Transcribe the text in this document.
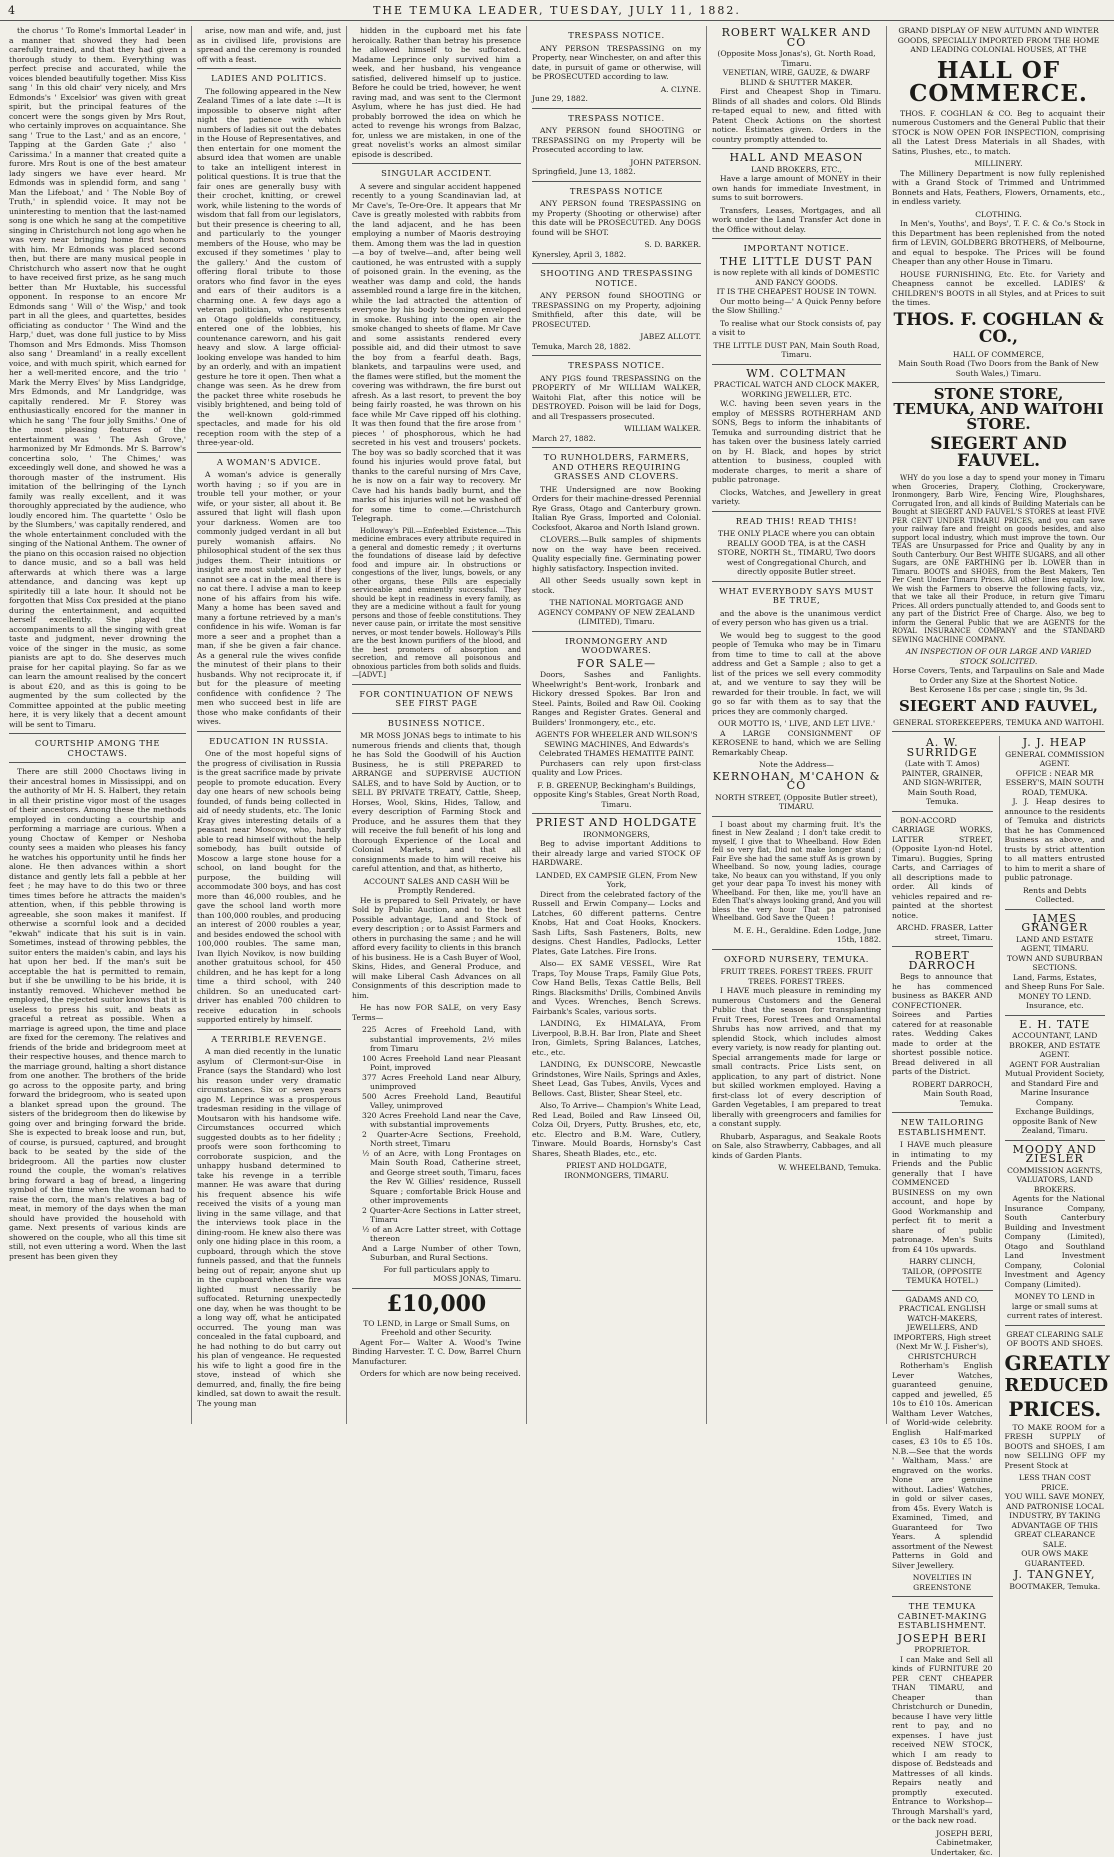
4	THE TEMUKA LEADER, TUESDAY, JULY 11, 1882.

the chorus ' To Rome's Immortal Leader' in a manner that showed they had been carefully trained, and that they had given a thorough study to them. Everything was perfect precise and accurated, while the voices blended beautifully together. Miss Kiss sang ' In this old chair' very nicely, and Mrs Edmonds's ' Excelsior' was given with great spirit, but the principal features of the concert were the songs given by Mrs Rout, who certainly improves on acquaintance. She sang ' True to the Last,' and as an encore, ' Tapping at the Garden Gate ;' also ' Carissima.' In a manner that created quite a furore. Mrs Rout is one of the best amateur lady singers we have ever heard. Mr Edmonds was in splendid form, and sang ' Man the Lifeboat,' and ' The Noble Boy of Truth,' in splendid voice. It may not be uninteresting to mention that the last-named song is one which he sang at the competitive singing in Christchurch not long ago when he was very near bringing home first honors with him. Mr Edmonds was placed second then, but there are many musical people in Christchurch who assert now that he ought to have received first prize, as he sang much better than Mr Huxtable, his successful opponent. In response to an encore Mr Edmonds sang ' Will o' the Wisp,' and took part in all the glees, and quartettes, besides officiating as conductor ' The Wind and the Harp,' duet, was done full justice to by Miss Thomson and Mrs Edmonds. Miss Thomson also sang ' Dreamland' in a really excellent voice, and with much spirit, which earned for her a well-merited encore, and the trio ' Mark the Merry Elves' by Miss Landgridge, Mrs Edmonds, and Mr Landgridge, was capitally rendered. Mr F. Storey was enthusiastically encored for the manner in which he sang ' The four jolly Smiths.' One of the most pleasing features of the entertainment was ' The Ash Grove,' harmonized by Mr Edmonds. Mr S. Barrow's concertina solo, ' The Chimes,' was exceedingly well done, and showed he was a thorough master of the instrument. His imitation of the bellringing of the Lynch family was really excellent, and it was thoroughly appreciated by the audience, who loudly encored him. The quartette ' Oslo be by the Slumbers,' was capitally rendered, and the whole entertainment concluded with the singing of the National Anthem. The owner of the piano on this occasion raised no objection to dance music, and so a ball was held afterwards at which there was a large attendance, and dancing was kept up spiritedly till a late hour. It should not be forgotten that Miss Cox presided at the piano during the entertainment, and acquitted herself excellently. She played the accompaniments to all the singing with great taste and judgment, never drowning the voice of the singer in the music, as some pianists are apt to do. She deserves much praise for her capital playing. So far as we can learn the amount realised by the concert is about £20, and as this is going to be augmented by the sum collected by the Committee appointed at the public meeting here, it is very likely that a decent amount will be sent to Timaru.

COURTSHIP AMONG THE CHOCTAWS.

There are still 2000 Choctaws living in their ancestral homes in Mississippi, and on the authority of Mr H. S. Halbert, they retain in all their pristine vigor most of the usages of their ancestors. Among these the methods employed in conducting a courtship and performing a marriage are curious. When a young Choctaw of Kemper or Neshoba county sees a maiden who pleases his fancy he watches his opportunity until he finds her alone. He then advances within a short distance and gently lets fall a pebble at her feet ; he may have to do this two or three times times before he attracts the maiden's attention, when, if this pebble throwing is agreeable, she soon makes it manifest. If otherwise a scornful look and a decided "ekwah" indicate that his suit is in vain. Sometimes, instead of throwing pebbles, the suitor enters the maiden's cabin, and lays his hat upon her bed. If the man's suit be acceptable the hat is permitted to remain, but if she be unwilling to be his bride, it is instantly removed. Whichever method be employed, the rejected suitor knows that it is useless to press his suit, and beats as graceful a retreat as possible. When a marriage is agreed upon, the time and place are fixed for the ceremony. The relatives and friends of the bride and bridegroom meet at their respective houses, and thence march to the marriage ground, halting a short distance from one another. The brothers of the bride go across to the opposite party, and bring forward the bridegroom, who is seated upon a blanket spread upon the ground. The sisters of the bridegroom then do likewise by going over and bringing forward the bride. She is expected to break loose and run, but, of course, is pursued, captured, and brought back to be seated by the side of the bridegroom. All the parties now cluster round the couple, the woman's relatives bring forward a bag of bread, a lingering symbol of the time when the woman had to raise the corn, the man's relatives a bag of meat, in memory of the days when the man should have provided the household with game. Next presents of various kinds are showered on the couple, who all this time sit still, not even uttering a word. When the last present has been given they

arise, now man and wife, and, just as in civilised life, provisions are spread and the ceremony is rounded off with a feast.

LADIES AND POLITICS.

The following appeared in the New Zealand Times of a late date :—It is impossible to observe night after night the patience with which numbers of ladies sit out the debates in the House of Representatives, and then entertain for one moment the absurd idea that women are unable to take an intelligent interest in political questions. It is true that the fair ones are generally busy with their crochet, knitting, or crewel work, while listening to the words of wisdom that fall from our legislators, but their presence is cheering to all, and particularly to the younger members of the House, who may be excused if they sometimes ' play to the gallery.' And the custom of offering floral tribute to those orators who find favor in the eyes and ears of their auditors is a charming one. A few days ago a veteran politician, who represents an Otago goldfields constituency, entered one of the lobbies, his countenance careworn, and his gait heavy and slow. A large official-looking envelope was handed to him by an orderly, and with an impatient gesture he tore it open. Then what a change was seen. As he drew from the packet three white rosebuds he visibly brightened, and being told of the well-known gold-rimmed spectacles, and made for his old reception room with the step of a three-year-old.

A WOMAN'S ADVICE.

A woman's advice is generally worth having ; so if you are in trouble tell your mother, or your wife, or your sister, all about it. Be assured that light will flash upon your darkness. Women are too commonly judged verdant in all but purely womanish affairs. No philosophical student of the sex thus judges them. Their intuitions or insight are most subtle, and if they cannot see a cat in the meal there is no cat there. I advise a man to keep none of his affairs from his wife. Many a home has been saved and many a fortune retrieved by a man's confidence in his wife. Woman is far more a seer and a prophet than a man, if she be given a fair chance. As a general rule the wives confide the minutest of their plans to their husbands. Why not reciprocate it, if but for the pleasure of meeting confidence with confidence ? The men who succeed best in life are those who make confidants of their wives.

EDUCATION IN RUSSIA.

One of the most hopeful signs of the progress of civilisation in Russia is the great sacrifice made by private people to promote education. Every day one hears of new schools being founded, of funds being collected in aid of needy students, etc. The Ionic Kray gives interesting details of a peasant near Moscow, who, hardly able to read himself without the help somebody, has built outside of Moscow a large stone house for a school, on land bought for the purpose, the building will accommodate 300 boys, and has cost more than 46,000 roubles, and he gave the school land worth more than 100,000 roubles, and producing an interest of 2000 roubles a year, and besides endowed the school with 100,000 roubles. The same man, Ivan Ilyich Novikov, is now building another gratuitous school, for 450 children, and he has kept for a long time a third school, with 240 children. So an uneducated cart-driver has enabled 700 children to receive education in schools supported entirely by himself.

A TERRIBLE REVENGE.

A man died recently in the lunatic asylum of Clermont-sur-Oise in France (says the Standard) who lost his reason under very dramatic circumstances. Six or seven years ago M. Leprince was a prosperous tradesman residing in the village of Moutsaron with his handsome wife. Circumstances occurred which suggested doubts as to her fidelity ; proofs were soon forthcoming to corroborate suspicion, and the unhappy husband determined to take his revenge in a terrible manner. He was aware that during his frequent absence his wife received the visits of a young man living in the same village, and that the interviews took place in the dining-room. He knew also there was only one hiding place in this room, a cupboard, through which the stove funnels passed, and that the funnels being out of repair, anyone shut up in the cupboard when the fire was lighted must necessarily be suffocated. Returning unexpectedly one day, when he was thought to be a long way off, what he anticipated occurred. The young man was concealed in the fatal cupboard, and he had nothing to do but carry out his plan of vengeance. He requested his wife to light a good fire in the stove, instead of which she demurred, and, finally, the fire being kindled, sat down to await the result. The young man

hidden in the cupboard met his fate heroically. Rather than betray his presence he allowed himself to be suffocated. Madame Leprince only survived him a week, and her husband, his vengeance satisfied, delivered himself up to justice. Before he could be tried, however, he went raving mad, and was sent to the Clermont Asylum, where he has just died. He had probably borrowed the idea on which he acted to revenge his wrongs from Balzac, for, unless we are mistaken, in one of the great novelist's works an almost similar episode is described.

SINGULAR ACCIDENT.

A severe and singular accident happened recently to a young Scandinavian lad, at Mr Cave's, Te-Ore-Ore. It appears that Mr Cave is greatly molested with rabbits from the land adjacent, and he has been employing a number of Maoris destroying them. Among them was the lad in question—a boy of twelve—and, after being well cautioned, he was entrusted with a supply of poisoned grain. In the evening, as the weather was damp and cold, the hands assembled round a large fire in the kitchen, while the lad attracted the attention of everyone by his body becoming enveloped in smoke. Rushing into the open air the smoke changed to sheets of flame. Mr Cave and some assistants rendered every possible aid, and did their utmost to save the boy from a fearful death. Bags, blankets, and tarpaulins were used, and the flames were stifled, but the moment the covering was withdrawn, the fire burst out afresh. As a last resort, to prevent the boy being fairly roasted, he was thrown on his face while Mr Cave ripped off his clothing. It was then found that the fire arose from ' pieces ' of phosphorous, which he had secreted in his vest and trousers' pockets. The boy was so badly scorched that it was found his injuries would prove fatal, but thanks to the careful nursing of Mrs Cave, he is now on a fair way to recovery. Mr Cave had his hands badly burnt, and the marks of his injuries will not be washed off for some time to come.—Christchurch Telegraph.

Holloway's Pill.—Enfeebled Existence.—This medicine embraces every attribute required in a general and domestic remedy ; it overturns the foundations of disease laid by defective food and impure air. In obstructions or congestions of the liver, lungs, bowels, or any other organs, these Pills are especially serviceable and eminently successful. They should be kept in readiness in every family, as they are a medicine without a fault for young persons and those of feeble constitutions. They never cause pain, or irritate the most sensitive nerves, or most tender bowels. Holloway's Pills are the best known purifiers of the blood, and the best promoters of absorption and secretion, and remove all poisonous and obnoxious particles from both solids and fluids.—[ADVT.]

FOR CONTINUATION OF NEWS SEE FIRST PAGE
BUSINESS NOTICE.

MR MOSS JONAS begs to intimate to his numerous friends and clients that, though he has Sold the Goodwill of his Auction Business, he is still PREPARED to ARRANGE and SUPERVISE AUCTION SALES, and to have Sold by Auction, or to SELL BY PRIVATE TREATY, Cattle, Sheep, Horses, Wool, Skins, Hides, Tallow, and every description of Farming Stock and Produce, and he assures them that they will receive the full benefit of his long and thorough Experience of the Local and Colonial Markets, and that all consignments made to him will receive his careful attention, and that, as hitherto,

ACCOUNT SALES AND CASH Will be Promptly Rendered.

He is prepared to Sell Privately, or have Sold by Public Auction, and to the best Possible advantage, Land and Stock of every description ; or to Assist Farmers and others in purchasing the same ; and he will afford every facility to clients in this branch of his business. He is a Cash Buyer of Wool, Skins, Hides, and General Produce, and will make Liberal Cash Advances on all Consignments of this description made to him.

He has now FOR SALE, on very Easy Terms—

225 Acres of Freehold Land, with substantial improvements, 2½ miles from Timaru
100 Acres Freehold Land near Pleasant Point, improved
377 Acres Freehold Land near Albury, unimproved
500 Acres Freehold Land, Beautiful Valley, unimproved
320 Acres Freehold Land near the Cave, with substantial improvements
2 Quarter-Acre Sections, Freehold, North street, Timaru
½ of an Acre, with Long Frontages on Main South Road, Catherine street, and George street south, Timaru, faces the Rev W. Gillies' residence, Russell Square ; comfortable Brick House and other improvements
2 Quarter-Acre Sections in Latter street, Timaru
½ of an Acre Latter street, with Cottage thereon
And a Large Number of other Town, Suburban, and Rural Sections.
For full particulars apply to
MOSS JONAS, Timaru.
£10,000
TO LEND, in Large or Small Sums, on Freehold and other Security.

Agent For— Walter A. Wood's Twine Binding Harvester. T. C. Dow, Barrel Churn Manufacturer.

Orders for which are now being received.

TRESPASS NOTICE.

ANY PERSON TRESPASSING on my Property, near Winchester, on and after this date, in pursuit of game or otherwise, will be PROSECUTED according to law.

A. CLYNE.
June 29, 1882.
TRESPASS NOTICE.

ANY PERSON found SHOOTING or TRESPASSING on my Property will be Prosecuted according to law.

JOHN PATERSON.
Springfield, June 13, 1882.
TRESPASS NOTICE

ANY PERSON found TRESPASSING on my Property (Shooting or otherwise) after this date will be PROSECUTED. Any DOGS found will be SHOT.

S. D. BARKER.
Kynersley, April 3, 1882.
SHOOTING AND TRESPASSING NOTICE.

ANY PERSON found SHOOTING or TRESPASSING on my Property, adjoining Smithfield, after this date, will be PROSECUTED.

JABEZ ALLOTT.
Temuka, March 28, 1882.
TRESPASS NOTICE.

ANY PIGS found TRESPASSING on the PROPERTY of Mr WILLIAM WALKER, Waitohi Flat, after this notice will be DESTROYED. Poison will be laid for Dogs, and all Trespassers prosecuted.

WILLIAM WALKER.
March 27, 1882.
TO RUNHOLDERS, FARMERS, AND OTHERS REQUIRING GRASSES AND CLOVERS.

THE Undersigned are now Booking Orders for their machine-dressed Perennial Rye Grass, Otago and Canterbury grown. Italian Rye Grass, Imported and Colonial. Cocksfoot, Akaroa and North Island grown.

CLOVERS.—Bulk samples of shipments now on the way have been received. Quality especially fine. Germinating power highly satisfactory. Inspection invited.

All other Seeds usually sown kept in stock.

THE NATIONAL MORTGAGE AND AGENCY COMPANY OF NEW ZEALAND (LIMITED), Timaru.
IRONMONGERY AND WOODWARES.
FOR SALE—

Doors, Sashes and Fanlights. Wheelwright's Bent-work, Ironbark and Hickory dressed Spokes. Bar Iron and Steel. Paints, Boiled and Raw Oil. Cooking Ranges and Register Grates. General and Builders' Ironmongery, etc., etc.

AGENTS FOR WHEELER AND WILSON'S SEWING MACHINES, And Edwards's Celebrated THAMES HEMATITE PAINT.

Purchasers can rely upon first-class quality and Low Prices.

F. B. GREENUP, Beckingham's Buildings, opposite King's Stables, Great North Road, Timaru.
PRIEST AND HOLDGATE
IRONMONGERS,

Beg to advise important Additions to their already large and varied STOCK OF HARDWARE.

LANDED, EX CAMPSIE GLEN, From New York,

Direct from the celebrated factory of the Russell and Erwin Company— Locks and Latches, 60 different patterns. Centre Knobs, Hat and Coat Hooks, Knockers. Sash Lifts, Sash Fasteners, Bolts, new designs. Chest Handles, Padlocks, Letter Plates, Gate Latches. Fire Irons.

Also— EX SAME VESSEL, Wire Rat Traps, Toy Mouse Traps, Family Glue Pots, Cow Hand Bells, Texas Cattle Bells, Bell Rings. Blacksmiths' Drills, Combined Anvils and Vyces. Wrenches, Bench Screws. Fairbank's Scales, various sorts.

LANDING, Ex HIMALAYA, From Liverpool, B.B.H. Bar Iron, Plate and Sheet Iron, Gimlets, Spring Balances, Latches, etc., etc.

LANDING, Ex DUNSCORE, Newcastle Grindstones, Wire Nails, Springs and Axles, Sheet Lead, Gas Tubes, Anvils, Vyces and Bellows. Cast, Blister, Shear Steel, etc.

Also, To Arrive— Champion's White Lead, Red Lead, Boiled and Raw Linseed Oil, Colza Oil, Dryers, Putty. Brushes, etc, etc, etc. Electro and B.M. Ware, Cutlery, Tinware. Mould Boards, Hornsby's Cast Shares, Sheath Blades, etc., etc.

PRIEST AND HOLDGATE, IRONMONGERS, TIMARU.
ROBERT WALKER AND CO
(Opposite Moss Jonas's), Gt. North Road, Timaru.
VENETIAN, WIRE, GAUZE, & DWARF BLIND & SHUTTER MAKER.

First and Cheapest Shop in Timaru. Blinds of all shades and colors. Old Blinds re-taped equal to new, and fitted with Patent Check Actions on the shortest notice. Estimates given. Orders in the country promptly attended to.

HALL AND MEASON
LAND BROKERS, ETC.,

Have a large amount of MONEY in their own hands for immediate Investment, in sums to suit borrowers.

Transfers, Leases, Mortgages, and all work under the Land Transfer Act done in the Office without delay.

IMPORTANT NOTICE.
THE LITTLE DUST PAN
is now replete with all kinds of DOMESTIC AND FANCY GOODS.
IT IS THE CHEAPEST HOUSE IN TOWN.

Our motto being—' A Quick Penny before the Slow Shilling.'

To realise what our Stock consists of, pay a visit to

THE LITTLE DUST PAN, Main South Road, Timaru.
WM. COLTMAN
PRACTICAL WATCH AND CLOCK MAKER, WORKING JEWELLER, ETC.

W.C. having been seven years in the employ of MESSRS ROTHERHAM AND SONS, Begs to inform the inhabitants of Temuka and surrounding district that he has taken over the business lately carried on by H. Black, and hopes by strict attention to business, coupled with moderate charges, to merit a share of public patronage.

Clocks, Watches, and Jewellery in great variety.

READ THIS! READ THIS!
THE ONLY PLACE where you can obtain REALLY GOOD TEA, is at the CASH STORE, NORTH St., TIMARU, Two doors west of Congregational Church, and directly opposite Butler street.
WHAT EVERYBODY SAYS MUST BE TRUE,

and the above is the unanimous verdict of every person who has given us a trial.

We would beg to suggest to the good people of Temuka who may be in Timaru from time to time to call at the above address and Get a Sample ; also to get a list of the prices we sell every commodity at, and we venture to say they will be rewarded for their trouble. In fact, we will go so far with them as to say that the prices they are commonly charged.

OUR MOTTO IS, ' LIVE, AND LET LIVE.'

A LARGE CONSIGNMENT OF KEROSENE to hand, which we are Selling Remarkably Cheap.

Note the Address—
KERNOHAN, M'CAHON & CO
NORTH STREET, (Opposite Butler street), TIMARU.

I boast about my charming fruit. It's the finest in New Zealand ; I don't take credit to myself, I give that to Wheelband. How Eden fell so very flat, Did not make longer stand ; Fair Eve she had the same stuff As is grown by Wheelband. So now, young ladies, courage take, No beaux can you withstand, If you only get your dear papa To invest his money with Wheelband. For then, like me, you'll have an Eden That's always looking grand, And you will bless the very hour That pa patronised Wheelband. God Save the Queen !

M. E. H., Geraldine. Eden Lodge, June 15th, 1882.
OXFORD NURSERY, TEMUKA.
FRUIT TREES. FOREST TREES. FRUIT TREES. FOREST TREES.

I HAVE much pleasure in reminding my numerous Customers and the General Public that the season for transplanting Fruit Trees, Forest Trees and Ornamental Shrubs has now arrived, and that my splendid Stock, which includes almost every variety, is now ready for planting out. Special arrangements made for large or small contracts. Price Lists sent, on application, to any part of district. None but skilled workmen employed. Having a first-class lot of every description of Garden Vegetables, I am prepared to treat liberally with greengrocers and families for a constant supply.

Rhubarb, Asparagus, and Seakale Roots on Sale, also Strawberry, Cabbages, and all kinds of Garden Plants.

W. WHEELBAND, Temuka.
GRAND DISPLAY OF NEW AUTUMN AND WINTER GOODS, SPECIALLY IMPORTED FROM THE HOME AND LEADING COLONIAL HOUSES, AT THE
HALL OF COMMERCE.

THOS. F. COGHLAN & CO. Beg to acquaint their numerous Customers and the General Public that their STOCK is NOW OPEN FOR INSPECTION, comprising all the Latest Dress Materials in all Shades, with Satins, Plushes, etc., to match.

MILLINERY.

The Millinery Department is now fully replenished with a Grand Stock of Trimmed and Untrimmed Bonnets and Hats, Feathers, Flowers, Ornaments, etc., in endless variety.

CLOTHING.

In Men's, Youths', and Boys', T. F. C. & Co.'s Stock in this Department has been replenished from the noted firm of LEVIN, GOLDBERG BROTHERS, of Melbourne, and equal to bespoke. The Prices will be found Cheaper than any other House in Timaru.

HOUSE FURNISHING, Etc. Etc. for Variety and Cheapness cannot be excelled. LADIES' & CHILDREN'S BOOTS in all Styles, and at Prices to suit the times.

THOS. F. COGHLAN & CO.,
HALL OF COMMERCE,
Main South Road (Two Doors from the Bank of New South Wales,) Timaru.
STONE STORE, TEMUKA, AND WAITOHI STORE.
SIEGERT AND FAUVEL.

WHY do you lose a day to spend your money in Timaru when Groceries, Drapery, Clothing, Crockeryware, Ironmongery, Barb Wire, Fencing Wire, Ploughshares, Corrugated Iron, and all kinds of Building Materials can be Bought at SIEGERT AND FAUVEL'S STORES at least FIVE PER CENT UNDER TIMARU PRICES, and you can save your railway fare and freight on goods besides, and also support local industry, which must improve the town. Our TEAS are Unsurpassed for Price and Quality by any in South Canterbury. Our Best WHITE SUGARS, and all other Sugars, are ONE FARTHING per lb. LOWER than in Timaru. BOOTS and SHOES, from the Best Makers, Ten Per Cent Under Timaru Prices. All other lines equally low. We wish the Farmers to observe the following facts, viz., that we take all their Produce, in return give Timaru Prices. All orders punctually attended to, and Goods sent to any part of the District Free of Charge. Also, we beg to inform the General Public that we are AGENTS for the ROYAL INSURANCE COMPANY and the STANDARD SEWING MACHINE COMPANY.

AN INSPECTION OF OUR LARGE AND VARIED STOCK SOLICITED.
Horse Covers, Tents, and Tarpaulins on Sale and Made to Order any Size at the Shortest Notice.
Best Kerosene 18s per case ; single tin, 9s 3d.
SIEGERT AND FAUVEL,
GENERAL STOREKEEPERS, TEMUKA AND WAITOHI.
A. W. SURRIDGE
(Late with T. Amos) PAINTER, GRAINER, AND SIGN-WRITER, Main South Road, Temuka.

BON-ACCORD CARRIAGE WORKS, LATTER STREET, (Opposite Lyon-nd Hotel, Timaru). Buggies, Spring Carts, and Carriages of all descriptions made to order. All kinds of vehicles repaired and re-painted at the shortest notice.

ARCHD. FRASER, Latter street, Timaru.
ROBERT DARROCH

Begs to announce that he has commenced business as BAKER AND CONFECTIONER. Soirees and Parties catered for at reasonable rates. Wedding Cakes made to order at the shortest possible notice. Bread delivered in all parts of the District.

ROBERT DARROCH, Main South Road, Temuka.
NEW TAILORING ESTABLISHMENT.

I HAVE much pleasure in intimating to my Friends and the Public generally that I have COMMENCED BUSINESS on my own account, and hope by Good Workmanship and perfect fit to merit a share of public patronage. Men's Suits from £4 10s upwards.

HARRY CLINCH, TAILOR, (OPPOSITE TEMUKA HOTEL.)
GADAMS AND CO, PRACTICAL ENGLISH WATCH-MAKERS, JEWELLERS, AND IMPORTERS, High street (Next Mr W. J. Fisher's), CHRISTCHURCH

Rotherham's English Lever Watches, guaranteed genuine, capped and jewelled, £5 10s to £10 10s. American Waltham Lever Watches, of World-wide celebrity. English Half-marked cases, £3 10s to £5 10s. N.B.—See that the words ' Waltham, Mass.' are engraved on the works. None are genuine without. Ladies' Watches, in gold or silver cases, from 45s. Every Watch is Examined, Timed, and Guaranteed for Two Years. A splendid assortment of the Newest Patterns in Gold and Silver Jewellery.

NOVELTIES IN GREENSTONE
THE TEMUKA CABINET-MAKING ESTABLISHMENT.
JOSEPH BERI
PROPRIETOR.

I can Make and Sell all kinds of FURNITURE 20 PER CENT CHEAPER THAN TIMARU, and Cheaper than Christchurch or Dunedin, because I have very little rent to pay, and no expenses. I have just received NEW STOCK, which I am ready to dispose of. Bedsteads and Mattresses of all kinds. Repairs neatly and promptly executed. Entrance to Workshop—Through Marshall's yard, or the back new road.

JOSEPH BERI, Cabinetmaker, Undertaker, &c.
J. J. HEAP
GENERAL COMMISSION AGENT.
OFFICE : NEAR MR ESSERY'S, MAIN SOUTH ROAD, TEMUKA.

J. J. Heap desires to announce to the residents of Temuka and districts that he has Commenced Business as above, and trusts by strict attention to all matters entrusted to him to merit a share of public patronage.

Rents and Debts Collected.
JAMES GRANGER
LAND AND ESTATE AGENT, TIMARU.
TOWN AND SUBURBAN SECTIONS.
Land, Farms, Estates, and Sheep Runs For Sale.
MONEY TO LEND.
Insurance, etc.
E. H. TATE
ACCOUNTANT, LAND BROKER, AND ESTATE AGENT.
AGENT FOR Australian Mutual Provident Society, and Standard Fire and Marine Insurance Company.
Exchange Buildings, opposite Bank of New Zealand, Timaru.
MOODY AND ZIESLER
COMMISSION AGENTS, VALUATORS, LAND BROKERS.

Agents for the National Insurance Company, South Canterbury Building and Investment Company (Limited), Otago and Southland Land Investment Company, Colonial Investment and Agency Company (Limited).

MONEY TO LEND in large or small sums at current rates of interest.
GREAT CLEARING SALE OF BOOTS AND SHOES.
GREATLY
REDUCED
PRICES.

TO MAKE ROOM for a FRESH SUPPLY of BOOTS and SHOES, I am now SELLING OFF my Present Stock at

LESS THAN COST PRICE.
YOU WILL SAVE MONEY, AND PATRONISE LOCAL INDUSTRY, BY TAKING ADVANTAGE OF THIS GREAT CLEARANCE SALE.
OUR OWS MAKE GUARANTEED.
J. TANGNEY,
BOOTMAKER, Temuka.
